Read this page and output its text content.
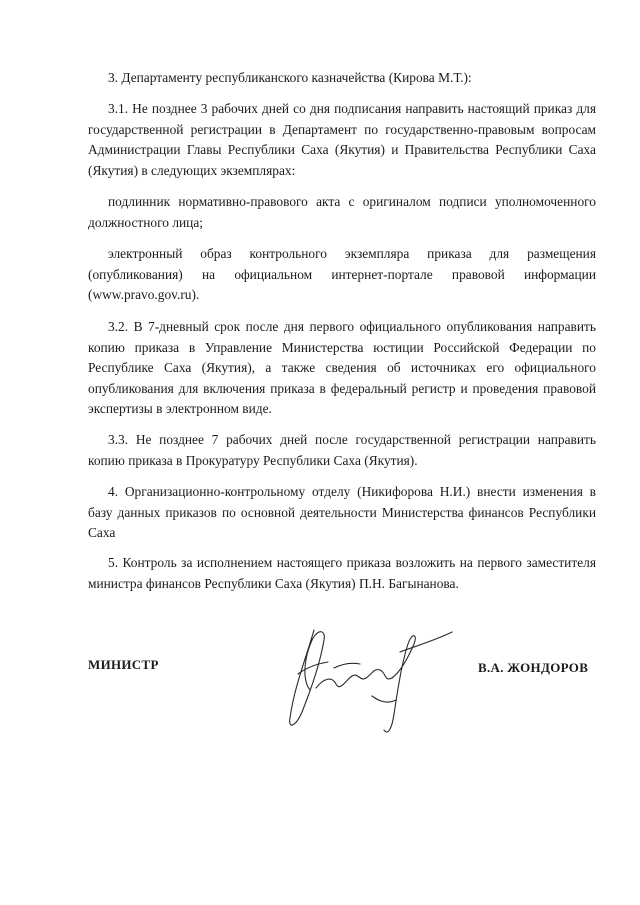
3. Департаменту республиканского казначейства (Кирова М.Т.):

3.1. Не позднее 3 рабочих дней со дня подписания направить настоящий приказ для государственной регистрации в Департамент по государственно-правовым вопросам Администрации Главы Республики Саха (Якутия) и Правительства Республики Саха (Якутия) в следующих экземплярах:

подлинник нормативно-правового акта с оригиналом подписи уполномоченного должностного лица;

электронный образ контрольного экземпляра приказа для размещения (опубликования) на официальном интернет-портале правовой информации (www.pravo.gov.ru).

3.2. В 7-дневный срок после дня первого официального опубликования направить копию приказа в Управление Министерства юстиции Российской Федерации по Республике Саха (Якутия), а также сведения об источниках его официального опубликования для включения приказа в федеральный регистр и проведения правовой экспертизы в электронном виде.

3.3. Не позднее 7 рабочих дней после государственной регистрации направить копию приказа в Прокуратуру Республики Саха (Якутия).

4. Организационно-контрольному отделу (Никифорова Н.И.) внести изменения в базу данных приказов по основной деятельности Министерства финансов Республики Саха

5. Контроль за исполнением настоящего приказа возложить на первого заместителя министра финансов Республики Саха (Якутия) П.Н. Багынанова.

МИНИСТР	В.А. ЖОНДОРОВ
